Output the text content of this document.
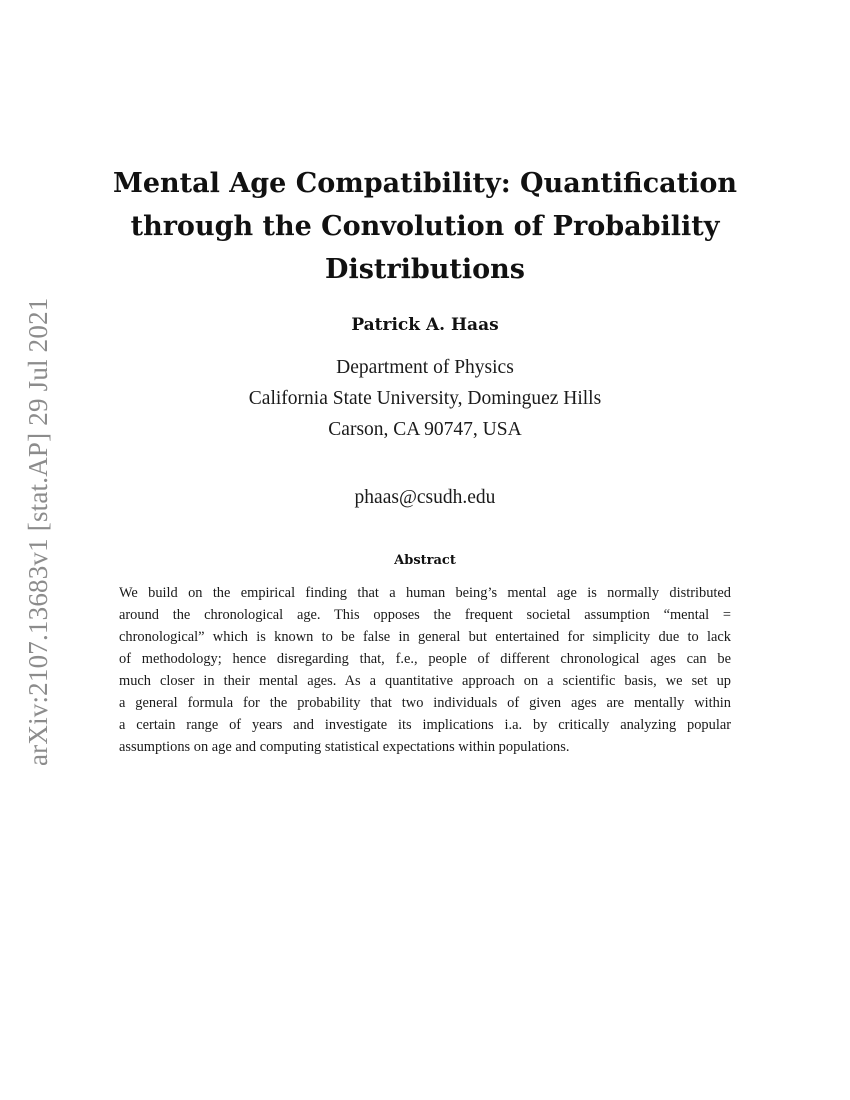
arXiv:2107.13683v1 [stat.AP] 29 Jul 2021
Mental Age Compatibility: Quantification
through the Convolution of Probability
Distributions
Patrick A. Haas
Department of Physics
California State University, Dominguez Hills
Carson, CA 90747, USA
phaas@csudh.edu
Abstract
We build on the empirical finding that a human being’s mental age is normally distributed
around the chronological age. This opposes the frequent societal assumption “mental =
chronological” which is known to be false in general but entertained for simplicity due to lack
of methodology; hence disregarding that, f.e., people of different chronological ages can be
much closer in their mental ages. As a quantitative approach on a scientific basis, we set up
a general formula for the probability that two individuals of given ages are mentally within
a certain range of years and investigate its implications i.a. by critically analyzing popular
assumptions on age and computing statistical expectations within populations.
